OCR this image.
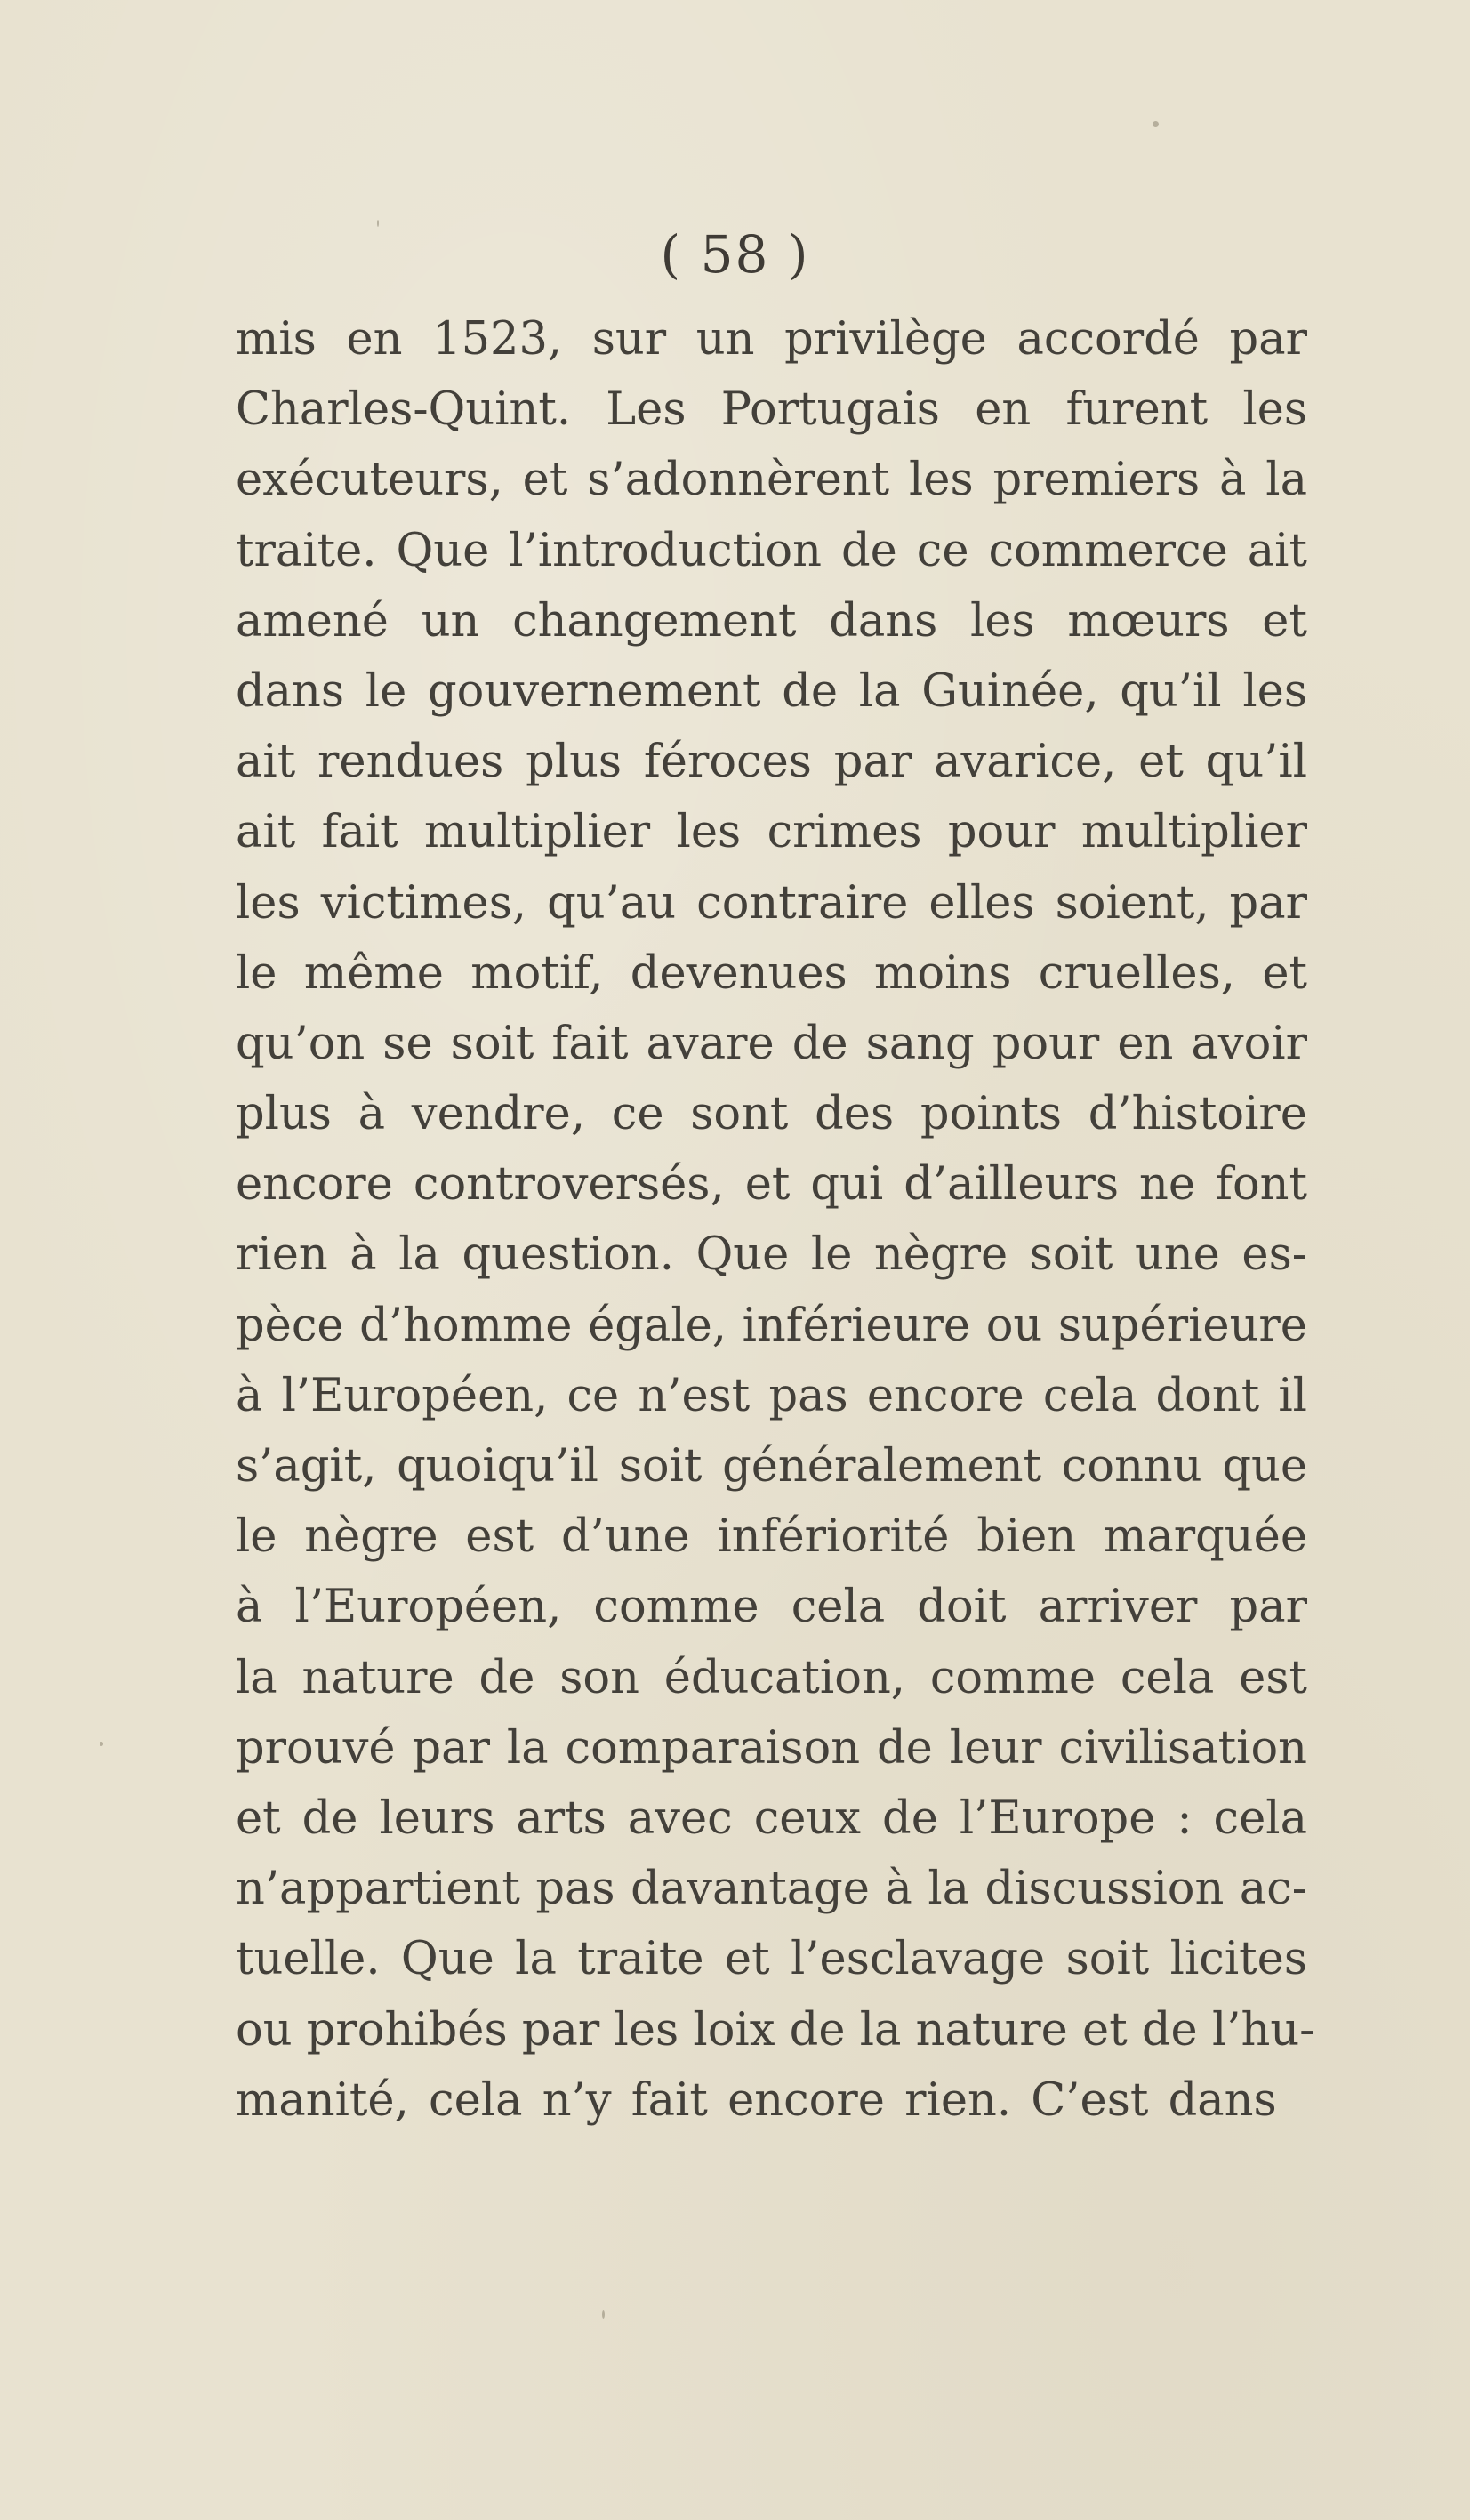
( 58 )
mis en 1523, sur un privilège accordé par
Charles-Quint. Les Portugais en furent les
exécuteurs, et s’adonnèrent les premiers à la
traite. Que l’introduction de ce commerce ait
amené un changement dans les mœurs et
dans le gouvernement de la Guinée, qu’il les
ait rendues plus féroces par avarice, et qu’il
ait fait multiplier les crimes pour multiplier
les victimes, qu’au contraire elles soient, par
le même motif, devenues moins cruelles, et
qu’on se soit fait avare de sang pour en avoir
plus à vendre, ce sont des points d’histoire
encore controversés, et qui d’ailleurs ne font
rien à la question. Que le nègre soit une es-
pèce d’homme égale, inférieure ou supérieure
à l’Européen, ce n’est pas encore cela dont il
s’agit, quoiqu’il soit généralement connu que
le nègre est d’une infériorité bien marquée
à l’Européen, comme cela doit arriver par
la nature de son éducation, comme cela est
prouvé par la comparaison de leur civilisation
et de leurs arts avec ceux de l’Europe : cela
n’appartient pas davantage à la discussion ac-
tuelle. Que la traite et l’esclavage soit licites
ou prohibés par les loix de la nature et de l’hu-
manité, cela n’y fait encore rien. C’est dans
